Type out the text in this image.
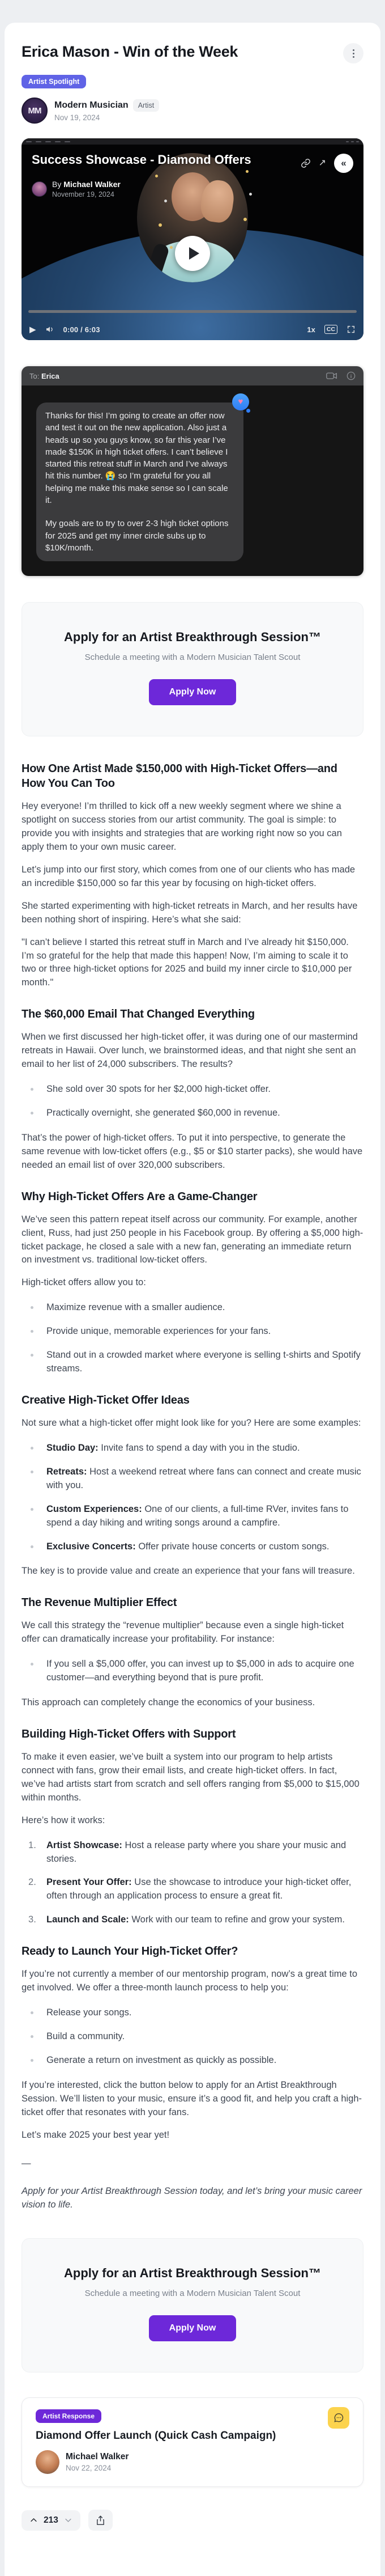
Erica Mason - Win of the Week
Artist Spotlight
MM
Modern Musician	Artist
Nov 19, 2024
Success Showcase - Diamond Offers	↗	«
By Michael Walker
November 19, 2024
▶	0:00 / 6:03	1x	CC
To: Erica
♥

Thanks for this! I’m going to create an offer now and test it out on the new application. Also just a heads up so you guys know, so far this year I’ve made $150K in high ticket offers. I can’t believe I started this retreat stuff in March and I’ve always hit this number. 😭 so I’m grateful for you all helping me make this make sense so I can scale it.

My goals are to try to over 2-3 high ticket options for 2025 and get my inner circle subs up to $10K/month.

Apply for an Artist Breakthrough Session™
Schedule a meeting with a Modern Musician Talent Scout
Apply Now
How One Artist Made $150,000 with High-Ticket Offers—and How You Can Too

Hey everyone! I’m thrilled to kick off a new weekly segment where we shine a spotlight on success stories from our artist community. The goal is simple: to provide you with insights and strategies that are working right now so you can apply them to your own music career.

Let’s jump into our first story, which comes from one of our clients who has made an incredible $150,000 so far this year by focusing on high-ticket offers.

She started experimenting with high-ticket retreats in March, and her results have been nothing short of inspiring. Here’s what she said:

"I can’t believe I started this retreat stuff in March and I’ve already hit $150,000. I’m so grateful for the help that made this happen! Now, I’m aiming to scale it to two or three high-ticket options for 2025 and build my inner circle to $10,000 per month."

The $60,000 Email That Changed Everything

When we first discussed her high-ticket offer, it was during one of our mastermind retreats in Hawaii. Over lunch, we brainstormed ideas, and that night she sent an email to her list of 24,000 subscribers. The results?

She sold over 30 spots for her $2,000 high-ticket offer.
Practically overnight, she generated $60,000 in revenue.

That’s the power of high-ticket offers. To put it into perspective, to generate the same revenue with low-ticket offers (e.g., $5 or $10 starter packs), she would have needed an email list of over 320,000 subscribers.

Why High-Ticket Offers Are a Game-Changer

We’ve seen this pattern repeat itself across our community. For example, another client, Russ, had just 250 people in his Facebook group. By offering a $5,000 high-ticket package, he closed a sale with a new fan, generating an immediate return on investment vs. traditional low-ticket offers.

High-ticket offers allow you to:

Maximize revenue with a smaller audience.
Provide unique, memorable experiences for your fans.
Stand out in a crowded market where everyone is selling t-shirts and Spotify streams.
Creative High-Ticket Offer Ideas

Not sure what a high-ticket offer might look like for you? Here are some examples:

Studio Day: Invite fans to spend a day with you in the studio.
Retreats: Host a weekend retreat where fans can connect and create music with you.
Custom Experiences: One of our clients, a full-time RVer, invites fans to spend a day hiking and writing songs around a campfire.
Exclusive Concerts: Offer private house concerts or custom songs.

The key is to provide value and create an experience that your fans will treasure.

The Revenue Multiplier Effect

We call this strategy the “revenue multiplier” because even a single high-ticket offer can dramatically increase your profitability. For instance:

If you sell a $5,000 offer, you can invest up to $5,000 in ads to acquire one customer—and everything beyond that is pure profit.

This approach can completely change the economics of your business.

Building High-Ticket Offers with Support

To make it even easier, we’ve built a system into our program to help artists connect with fans, grow their email lists, and create high-ticket offers. In fact, we’ve had artists start from scratch and sell offers ranging from $5,000 to $15,000 within months.

Here’s how it works:

Artist Showcase: Host a release party where you share your music and stories.
Present Your Offer: Use the showcase to introduce your high-ticket offer, often through an application process to ensure a great fit.
Launch and Scale: Work with our team to refine and grow your system.
Ready to Launch Your High-Ticket Offer?

If you’re not currently a member of our mentorship program, now’s a great time to get involved. We offer a three-month launch process to help you:

Release your songs.
Build a community.
Generate a return on investment as quickly as possible.

If you’re interested, click the button below to apply for an Artist Breakthrough Session. We’ll listen to your music, ensure it’s a good fit, and help you craft a high-ticket offer that resonates with your fans.

Let’s make 2025 your best year yet!

—

Apply for your Artist Breakthrough Session today, and let’s bring your music career vision to life.

Apply for an Artist Breakthrough Session™
Schedule a meeting with a Modern Musician Talent Scout
Apply Now
Artist Response
Diamond Offer Launch (Quick Cash Campaign)
Michael Walker
Nov 22, 2024
213
